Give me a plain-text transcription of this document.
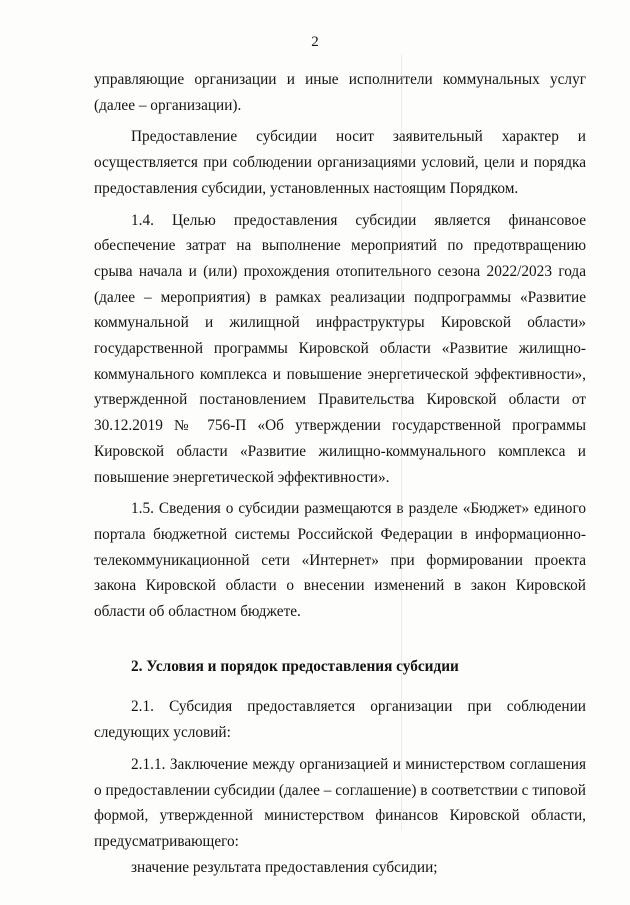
2

управляющие организации и иные исполнители коммунальных услуг (далее – организации).

Предоставление субсидии носит заявительный характер и осуществляется при соблюдении организациями условий, цели и порядка предоставления субсидии, установленных настоящим Порядком.

1.4. Целью предоставления субсидии является финансовое обеспечение затрат на выполнение мероприятий по предотвращению срыва начала и (или) прохождения отопительного сезона 2022/2023 года (далее – мероприятия) в рамках реализации подпрограммы «Развитие коммунальной и жилищной инфраструктуры Кировской области» государственной программы Кировской области «Развитие жилищно-коммунального комплекса и повышение энергетической эффективности», утвержденной постановлением Правительства Кировской области от 30.12.2019 № 756-П «Об утверждении государственной программы Кировской области «Развитие жилищно-коммунального комплекса и повышение энергетической эффективности».

1.5. Сведения о субсидии размещаются в разделе «Бюджет» единого портала бюджетной системы Российской Федерации в информационно-телекоммуникационной сети «Интернет» при формировании проекта закона Кировской области о внесении изменений в закон Кировской области об областном бюджете.

2. Условия и порядок предоставления субсидии

2.1. Субсидия предоставляется организации при соблюдении следующих условий:

2.1.1. Заключение между организацией и министерством соглашения о предоставлении субсидии (далее – соглашение) в соответствии с типовой формой, утвержденной министерством финансов Кировской области, предусматривающего:

значение результата предоставления субсидии;
